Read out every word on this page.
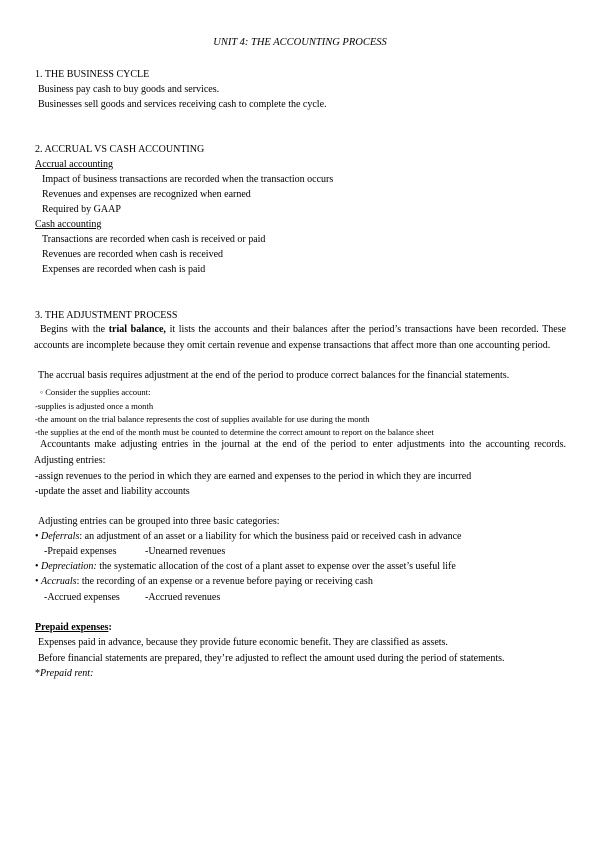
UNIT 4: THE ACCOUNTING PROCESS
1. THE BUSINESS CYCLE
Business pay cash to buy goods and services.
Businesses sell goods and services receiving cash to complete the cycle.
2. ACCRUAL VS CASH ACCOUNTING
Accrual accounting
Impact of business transactions are recorded when the transaction occurs
Revenues and expenses are recognized when earned
Required by GAAP
Cash accounting
Transactions are recorded when cash is received or paid
Revenues are recorded when cash is received
Expenses are recorded when cash is paid
3. THE ADJUSTMENT PROCESS
Begins with the trial balance, it lists the accounts and their balances after the period’s transactions have been recorded. These accounts are incomplete because they omit certain revenue and expense transactions that affect more than one accounting period.
The accrual basis requires adjustment at the end of the period to produce correct balances for the financial statements.
◦ Consider the supplies account:
-supplies is adjusted once a month
-the amount on the trial balance represents the cost of supplies available for use during the month
-the supplies at the end of the month must be counted to determine the correct amount to report on the balance sheet
Accountants make adjusting entries in the journal at the end of the period to enter adjustments into the accounting records. Adjusting entries:
-assign revenues to the period in which they are earned and expenses to the period in which they are incurred
-update the asset and liability accounts
Adjusting entries can be grouped into three basic categories:
• Deferrals: an adjustment of an asset or a liability for which the business paid or received cash in advance
-Prepaid expenses	-Unearned revenues
• Depreciation: the systematic allocation of the cost of a plant asset to expense over the asset’s useful life
• Accruals: the recording of an expense or a revenue before paying or receiving cash
-Accrued expenses	-Accrued revenues
Prepaid expenses:
Expenses paid in advance, because they provide future economic benefit. They are classified as assets.
Before financial statements are prepared, they’re adjusted to reflect the amount used during the period of statements.
*Prepaid rent:
